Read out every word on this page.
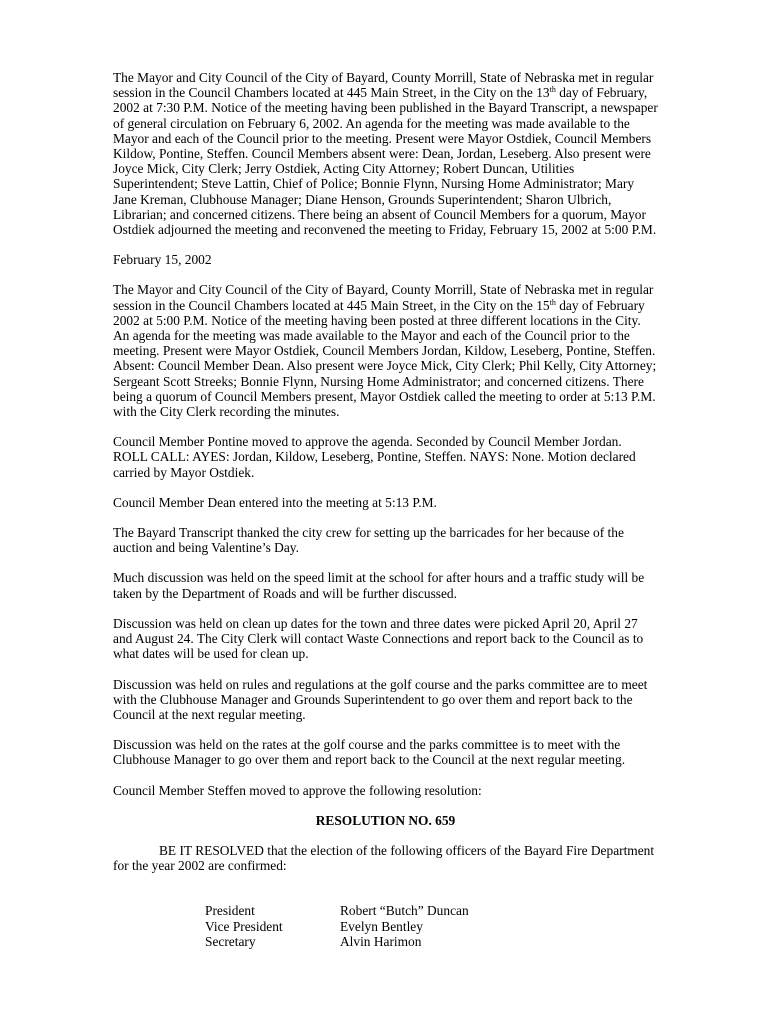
The Mayor and City Council of the City of Bayard, County Morrill, State of Nebraska met in regular session in the Council Chambers located at 445 Main Street, in the City on the 13th day of February, 2002 at 7:30 P.M. Notice of the meeting having been published in the Bayard Transcript, a newspaper of general circulation on February 6, 2002. An agenda for the meeting was made available to the Mayor and each of the Council prior to the meeting. Present were Mayor Ostdiek, Council Members Kildow, Pontine, Steffen. Council Members absent were: Dean, Jordan, Leseberg. Also present were Joyce Mick, City Clerk; Jerry Ostdiek, Acting City Attorney; Robert Duncan, Utilities Superintendent; Steve Lattin, Chief of Police; Bonnie Flynn, Nursing Home Administrator; Mary Jane Kreman, Clubhouse Manager; Diane Henson, Grounds Superintendent; Sharon Ulbrich, Librarian; and concerned citizens. There being an absent of Council Members for a quorum, Mayor Ostdiek adjourned the meeting and reconvened the meeting to Friday, February 15, 2002 at 5:00 P.M.

February 15, 2002

The Mayor and City Council of the City of Bayard, County Morrill, State of Nebraska met in regular session in the Council Chambers located at 445 Main Street, in the City on the 15th day of February 2002 at 5:00 P.M. Notice of the meeting having been posted at three different locations in the City. An agenda for the meeting was made available to the Mayor and each of the Council prior to the meeting. Present were Mayor Ostdiek, Council Members Jordan, Kildow, Leseberg, Pontine, Steffen. Absent: Council Member Dean. Also present were Joyce Mick, City Clerk; Phil Kelly, City Attorney; Sergeant Scott Streeks; Bonnie Flynn, Nursing Home Administrator; and concerned citizens. There being a quorum of Council Members present, Mayor Ostdiek called the meeting to order at 5:13 P.M. with the City Clerk recording the minutes.

Council Member Pontine moved to approve the agenda. Seconded by Council Member Jordan. ROLL CALL: AYES: Jordan, Kildow, Leseberg, Pontine, Steffen. NAYS: None. Motion declared carried by Mayor Ostdiek.

Council Member Dean entered into the meeting at 5:13 P.M.

The Bayard Transcript thanked the city crew for setting up the barricades for her because of the auction and being Valentine’s Day.

Much discussion was held on the speed limit at the school for after hours and a traffic study will be taken by the Department of Roads and will be further discussed.

Discussion was held on clean up dates for the town and three dates were picked April 20, April 27 and August 24. The City Clerk will contact Waste Connections and report back to the Council as to what dates will be used for clean up.

Discussion was held on rules and regulations at the golf course and the parks committee are to meet with the Clubhouse Manager and Grounds Superintendent to go over them and report back to the Council at the next regular meeting.

Discussion was held on the rates at the golf course and the parks committee is to meet with the Clubhouse Manager to go over them and report back to the Council at the next regular meeting.

Council Member Steffen moved to approve the following resolution:

RESOLUTION NO. 659

BE IT RESOLVED that the election of the following officers of the Bayard Fire Department for the year 2002 are confirmed:

President	Robert “Butch” Duncan
Vice President	Evelyn Bentley
Secretary	Alvin Harimon
